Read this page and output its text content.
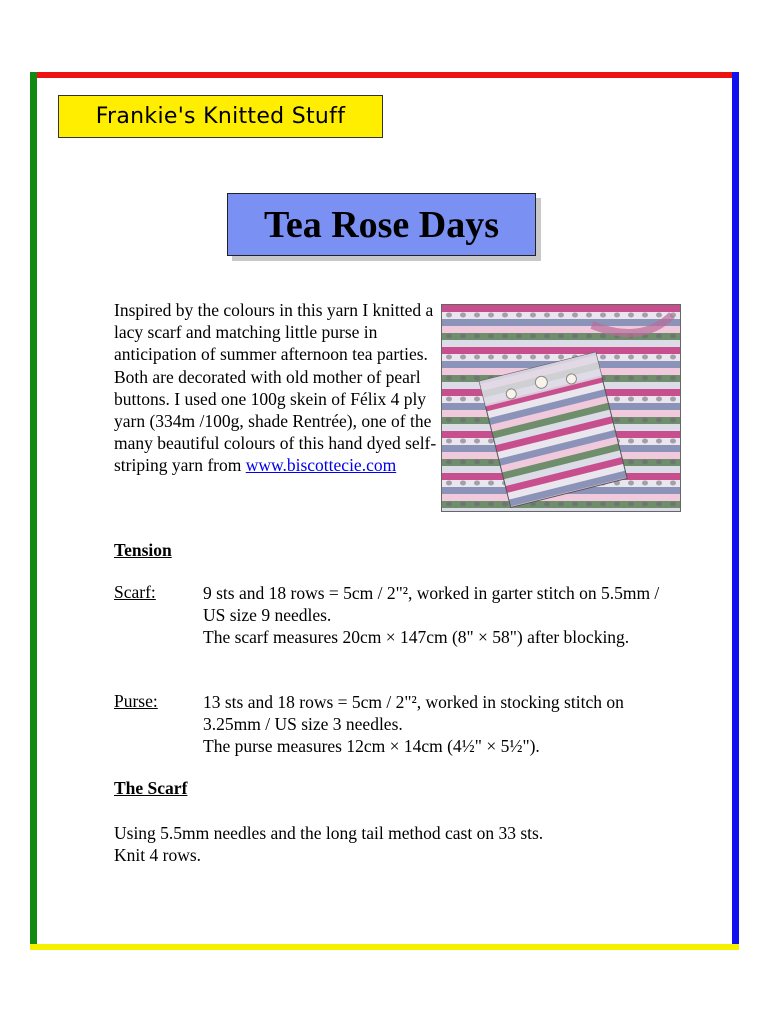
Frankie's Knitted Stuff
Tea Rose Days
Inspired by the colours in this yarn I knitted a lacy scarf and matching little purse in anticipation of summer afternoon tea parties. Both are decorated with old mother of pearl buttons. I used one 100g skein of Félix 4 ply yarn (334m /100g, shade Rentrée), one of the many beautiful colours of this hand dyed self-striping yarn from www.biscottecie.com
Tension
Scarf:	9 sts and 18 rows = 5cm / 2"², worked in garter stitch on 5.5mm / US size 9 needles.
The scarf measures 20cm × 147cm (8" × 58") after blocking.
Purse:	13 sts and 18 rows = 5cm / 2"², worked in stocking stitch on 3.25mm / US size 3 needles.
The purse measures 12cm × 14cm (4½" × 5½").
The Scarf
Using 5.5mm needles and the long tail method cast on 33 sts.
Knit 4 rows.
